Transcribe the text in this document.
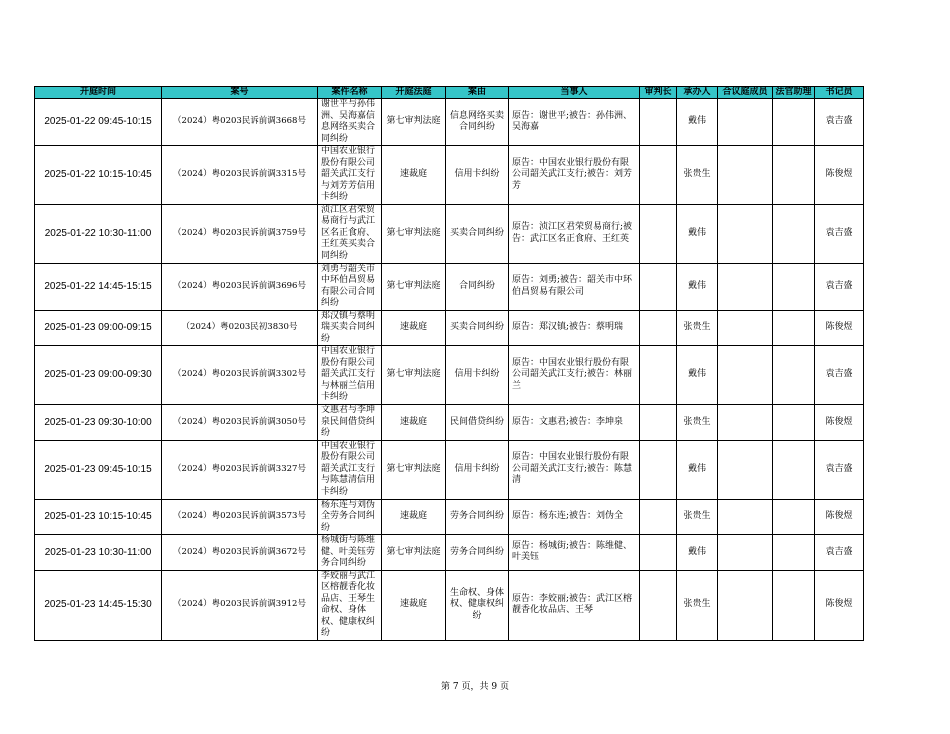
开庭时间	案号	案件名称	开庭法庭	案由	当事人	审判长	承办人	合议庭成员	法官助理	书记员
2025-01-22 09:45-10:15	（2024）粤0203民诉前调3668号	谢世平与孙伟洲、吴海嘉信息网络买卖合同纠纷	第七审判法庭	信息网络买卖合同纠纷	原告：谢世平;被告：孙伟洲、吴海嘉		戴伟			袁吉盛
2025-01-22 10:15-10:45	（2024）粤0203民诉前调3315号	中国农业银行股份有限公司韶关武江支行与刘芳芳信用卡纠纷	速裁庭	信用卡纠纷	原告：中国农业银行股份有限公司韶关武江支行;被告：刘芳芳		张贵生			陈俊煜
2025-01-22 10:30-11:00	（2024）粤0203民诉前调3759号	浈江区君荣贸易商行与武江区名正食府、王红英买卖合同纠纷	第七审判法庭	买卖合同纠纷	原告：浈江区君荣贸易商行;被告：武江区名正食府、王红英		戴伟			袁吉盛
2025-01-22 14:45-15:15	（2024）粤0203民诉前调3696号	刘勇与韶关市中环伯昌贸易有限公司合同纠纷	第七审判法庭	合同纠纷	原告：刘勇;被告：韶关市中环伯昌贸易有限公司		戴伟			袁吉盛
2025-01-23 09:00-09:15	（2024）粤0203民初3830号	郑汉镇与蔡明瑞买卖合同纠纷	速裁庭	买卖合同纠纷	原告：郑汉镇;被告：蔡明瑞		张贵生			陈俊煜
2025-01-23 09:00-09:30	（2024）粤0203民诉前调3302号	中国农业银行股份有限公司韶关武江支行与林丽兰信用卡纠纷	第七审判法庭	信用卡纠纷	原告：中国农业银行股份有限公司韶关武江支行;被告：林丽兰		戴伟			袁吉盛
2025-01-23 09:30-10:00	（2024）粤0203民诉前调3050号	文惠君与李坤泉民间借贷纠纷	速裁庭	民间借贷纠纷	原告：文惠君;被告：李坤泉		张贵生			陈俊煜
2025-01-23 09:45-10:15	（2024）粤0203民诉前调3327号	中国农业银行股份有限公司韶关武江支行与陈慧清信用卡纠纷	第七审判法庭	信用卡纠纷	原告：中国农业银行股份有限公司韶关武江支行;被告：陈慧清		戴伟			袁吉盛
2025-01-23 10:15-10:45	（2024）粤0203民诉前调3573号	杨东连与刘伪全劳务合同纠纷	速裁庭	劳务合同纠纷	原告：杨东连;被告：刘伪全		张贵生			陈俊煜
2025-01-23 10:30-11:00	（2024）粤0203民诉前调3672号	杨城街与陈维健、叶美钰劳务合同纠纷	第七审判法庭	劳务合同纠纷	原告：杨城街;被告：陈维健、叶美钰		戴伟			袁吉盛
2025-01-23 14:45-15:30	（2024）粤0203民诉前调3912号	李姣丽与武江区榕靓香化妆品店、王琴生命权、身体权、健康权纠纷	速裁庭	生命权、身体权、健康权纠纷	原告：李姣丽;被告：武江区榕靓香化妆品店、王琴		张贵生			陈俊煜
第 7 页，共 9 页
